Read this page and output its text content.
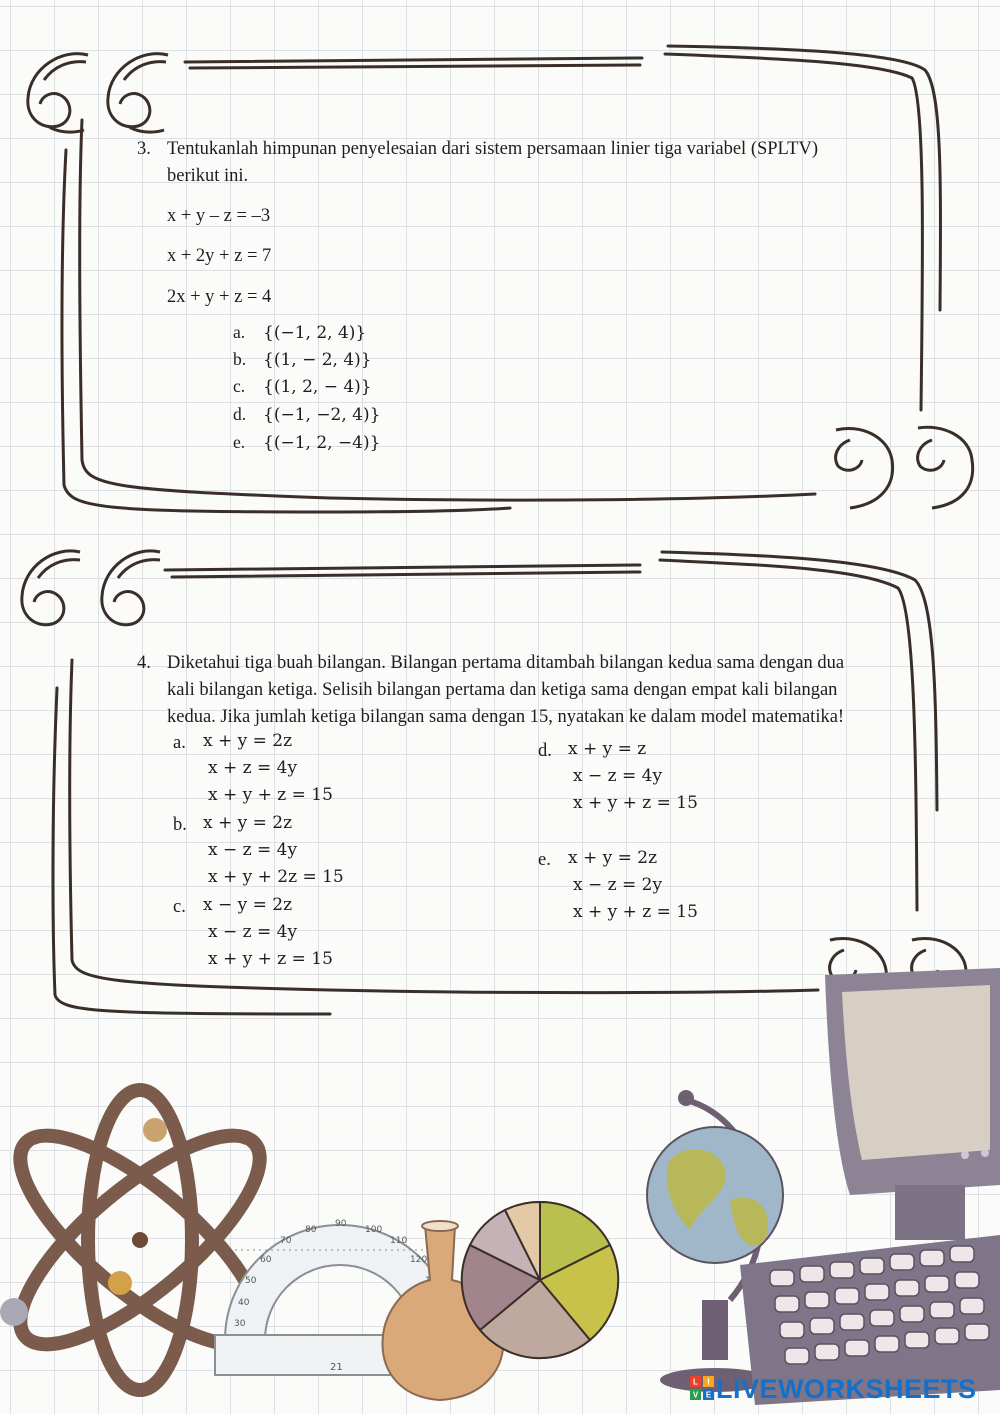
90
80
70
60
50
40
30
100
110
120
21
3. Tentukanlah himpunan penyelesaian dari sistem persamaan linier tiga variabel (SPLTV)
berikut ini.
x + y – z = –3
x + 2y + z = 7
2x + y + z = 4
a. {(−1, 2, 4)}
b. {(1, − 2, 4)}
c. {(1, 2, − 4)}
d. {(−1, −2, 4)}
e. {(−1, 2, −4)}
4. Diketahui tiga buah bilangan. Bilangan pertama ditambah bilangan kedua sama dengan dua
kali bilangan ketiga. Selisih bilangan pertama dan ketiga sama dengan empat kali bilangan
kedua. Jika jumlah ketiga bilangan sama dengan 15, nyatakan ke dalam model matematika!
a. x + y = 2z
x + z = 4y
x + y + z = 15
b. x + y = 2z
x − z = 4y
x + y + 2z = 15
c. x − y = 2z
x − z = 4y
x + y + z = 15
d. x + y = z
x − z = 4y
x + y + z = 15
e. x + y = 2z
x − z = 2y
x + y + z = 15
L I
V E LIVEWORKSHEETS
